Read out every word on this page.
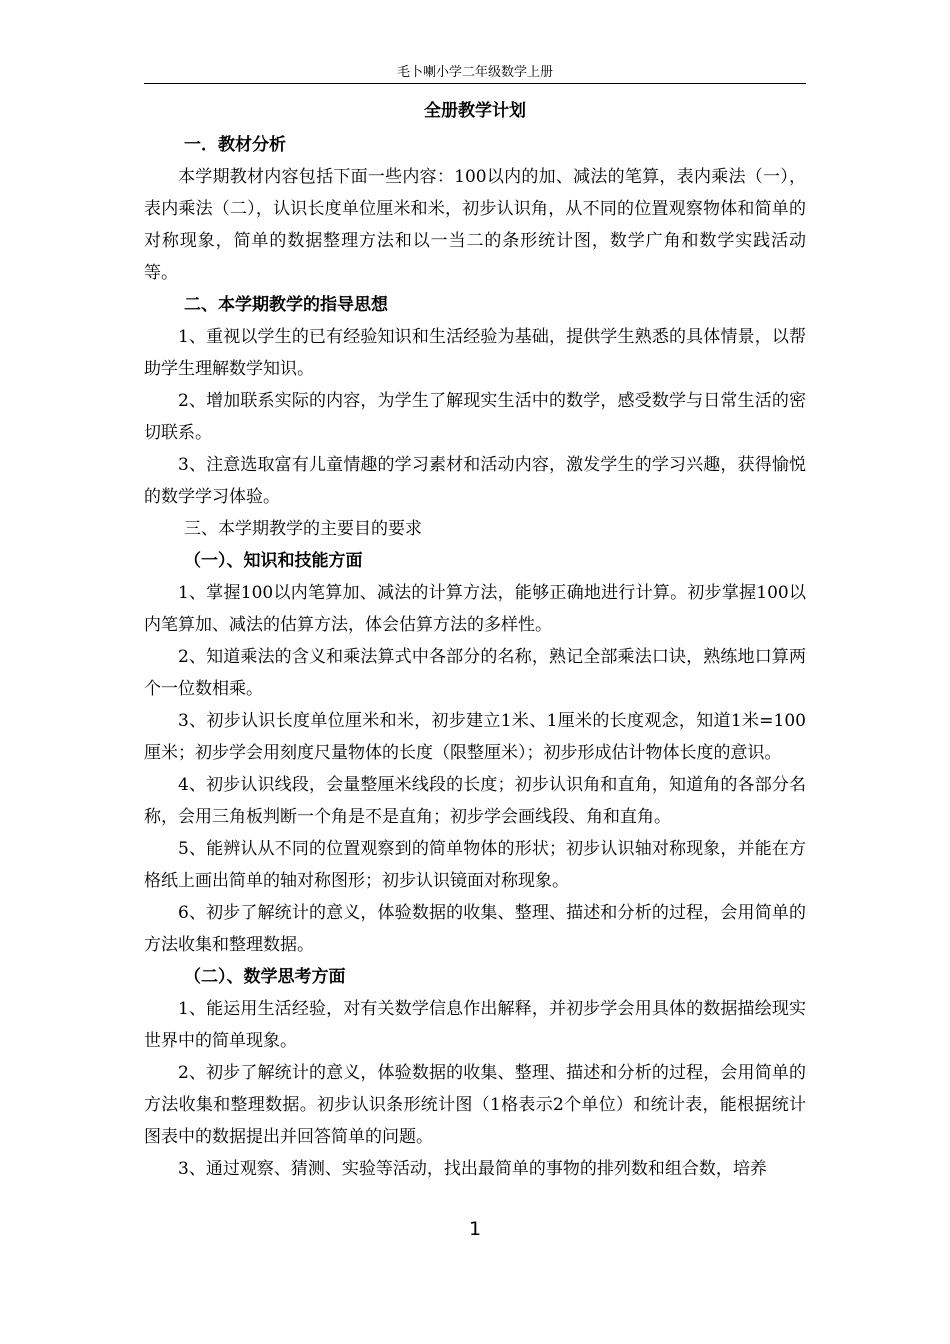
毛卜喇小学二年级数学上册
全册教学计划

一．教材分析

本学期教材内容包括下面一些内容：100以内的加、减法的笔算，表内乘法（一），表内乘法（二），认识长度单位厘米和米，初步认识角，从不同的位置观察物体和简单的对称现象，简单的数据整理方法和以一当二的条形统计图，数学广角和数学实践活动等。

二、本学期教学的指导思想

1、重视以学生的已有经验知识和生活经验为基础，提供学生熟悉的具体情景，以帮助学生理解数学知识。

2、增加联系实际的内容，为学生了解现实生活中的数学，感受数学与日常生活的密切联系。

3、注意选取富有儿童情趣的学习素材和活动内容，激发学生的学习兴趣，获得愉悦的数学学习体验。

三、本学期教学的主要目的要求

（一）、知识和技能方面

1、掌握100以内笔算加、减法的计算方法，能够正确地进行计算。初步掌握100以内笔算加、减法的估算方法，体会估算方法的多样性。

2、知道乘法的含义和乘法算式中各部分的名称，熟记全部乘法口诀，熟练地口算两个一位数相乘。

3、初步认识长度单位厘米和米，初步建立1米、1厘米的长度观念，知道1米=100厘米；初步学会用刻度尺量物体的长度（限整厘米）；初步形成估计物体长度的意识。

4、初步认识线段，会量整厘米线段的长度；初步认识角和直角，知道角的各部分名称，会用三角板判断一个角是不是直角；初步学会画线段、角和直角。

5、能辨认从不同的位置观察到的简单物体的形状；初步认识轴对称现象，并能在方格纸上画出简单的轴对称图形；初步认识镜面对称现象。

6、初步了解统计的意义，体验数据的收集、整理、描述和分析的过程，会用简单的方法收集和整理数据。

（二）、数学思考方面

1、能运用生活经验，对有关数学信息作出解释，并初步学会用具体的数据描绘现实世界中的简单现象。

2、初步了解统计的意义，体验数据的收集、整理、描述和分析的过程，会用简单的方法收集和整理数据。初步认识条形统计图（1格表示2个单位）和统计表，能根据统计图表中的数据提出并回答简单的问题。

3、通过观察、猜测、实验等活动，找出最简单的事物的排列数和组合数，培养

1
